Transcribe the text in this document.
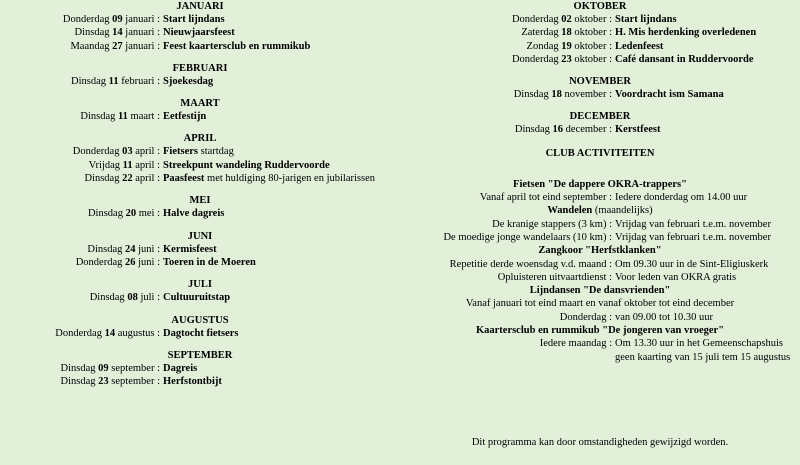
JANUARI
Donderdag 09 januari : Start lijndans
Dinsdag 14 januari : Nieuwjaarsfeest
Maandag 27 januari : Feest kaartersclub en rummikub
FEBRUARI
Dinsdag 11 februari : Sjoekesdag
MAART
Dinsdag 11 maart : Eetfestijn
APRIL
Donderdag 03 april : Fietsers startdag
Vrijdag 11 april : Streekpunt wandeling Ruddervoorde
Dinsdag 22 april : Paasfeest met huldiging 80-jarigen en jubilarissen
MEI
Dinsdag 20 mei : Halve dagreis
JUNI
Dinsdag 24 juni : Kermisfeest
Donderdag 26 juni : Toeren in de Moeren
JULI
Dinsdag 08 juli : Cultuuruitstap
AUGUSTUS
Donderdag 14 augustus : Dagtocht fietsers
SEPTEMBER
Dinsdag 09 september : Dagreis
Dinsdag 23 september : Herfstontbijt
OKTOBER
Donderdag 02 oktober : Start lijndans
Zaterdag 18 oktober : H. Mis herdenking overledenen
Zondag 19 oktober : Ledenfeest
Donderdag 23 oktober : Café dansant in Ruddervoorde
NOVEMBER
Dinsdag 18 november : Voordracht ism Samana
DECEMBER
Dinsdag 16 december : Kerstfeest
CLUB ACTIVITEITEN
Fietsen "De dappere OKRA-trappers"
Vanaf april tot eind september : Iedere donderdag om 14.00 uur
Wandelen (maandelijks)
De kranige stappers (3 km) : Vrijdag van februari t.e.m. november
De moedige jonge wandelaars (10 km) : Vrijdag van februari t.e.m. november
Zangkoor "Herfstklanken"
Repetitie derde woensdag v.d. maand : Om 09.30 uur in de Sint-Eligiuskerk
Opluisteren uitvaartdienst : Voor leden van OKRA gratis
Lijndansen "De dansvrienden"
Vanaf januari tot eind maart en vanaf oktober tot eind december
Donderdag : van 09.00 tot 10.30 uur
Kaartersclub en rummikub "De jongeren van vroeger"
Iedere maandag : Om 13.30 uur in het Gemeenschapshuis
geen kaarting van 15 juli tem 15 augustus
Dit programma kan door omstandigheden gewijzigd worden.
